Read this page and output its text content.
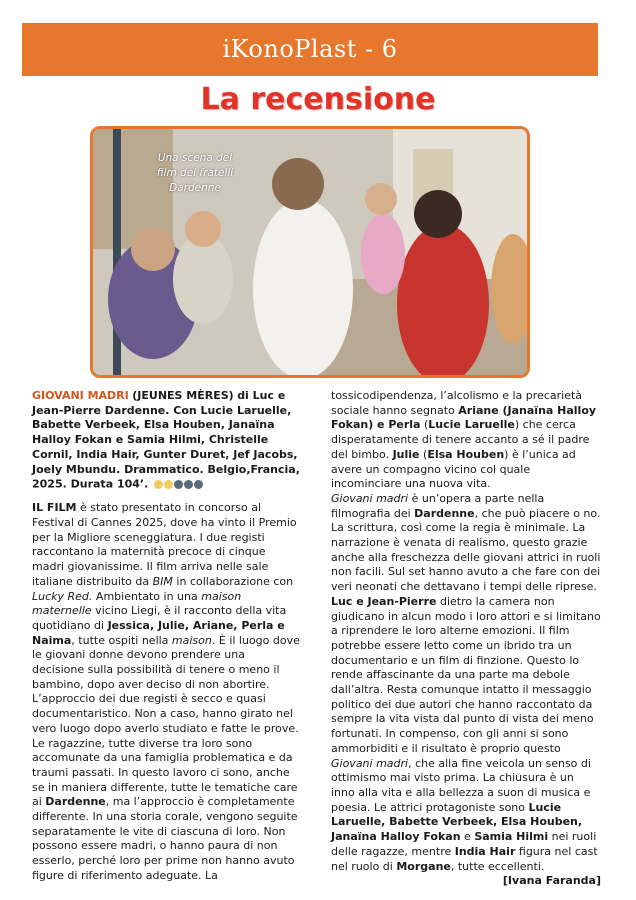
iKonoPlast - 6
La recensione
Una scena del film dei fratelli Dardenne

GIOVANI MADRI (JEUNES MÈRES) di Luc e Jean-Pierre Dardenne. Con Lucie Laruelle, Babette Verbeek, Elsa Houben, Janaïna Halloy Fokan e Samia Hilmi, Christelle Cornil, India Hair, Gunter Duret, Jef Jacobs, Joely Mbundu. Drammatico. Belgio,Francia, 2025. Durata 104’.

IL FILM è stato presentato in concorso al Festival di Cannes 2025, dove ha vinto il Premio per la Migliore sceneggiatura. I due registi raccontano la maternità precoce di cinque madri giovanissime. Il film arriva nelle sale italiane distribuito da BIM in collaborazione con Lucky Red. Ambientato in una maison maternelle vicino Liegi, è il racconto della vita quotidiano di Jessica, Julie, Ariane, Perla e Naima, tutte ospiti nella maison. È il luogo dove le giovani donne devono prendere una decisione sulla possibilità di tenere o meno il bambino, dopo aver deciso di non abortire.

L’approccio dei due registi è secco e quasi documentaristico. Non a caso, hanno girato nel vero luogo dopo averlo studiato e fatte le prove. Le ragazzine, tutte diverse tra loro sono accomunate da una famiglia problematica e da traumi passati. In questo lavoro ci sono, anche se in maniera differente, tutte le tematiche care ai Dardenne, ma l’approccio è completamente differente. In una storia corale, vengono seguite separatamente le vite di ciascuna di loro. Non possono essere madri, o hanno paura di non esserlo, perché loro per prime non hanno avuto figure di riferimento adeguate. La

tossicodipendenza, l’alcolismo e la precarietà sociale hanno segnato Ariane (Janaïna Halloy Fokan) e Perla (Lucie Laruelle) che cerca disperatamente di tenere accanto a sé il padre del bimbo. Julie (Elsa Houben) è l’unica ad avere un compagno vicino col quale incominciare una nuova vita.

Giovani madri è un’opera a parte nella filmografia dei Dardenne, che può piacere o no. La scrittura, così come la regia è minimale. La narrazione è venata di realismo, questo grazie anche alla freschezza delle giovani attrici in ruoli non facili. Sul set hanno avuto a che fare con dei veri neonati che dettavano i tempi delle riprese. Luc e Jean-Pierre dietro la camera non giudicano in alcun modo i loro attori e si limitano a riprendere le loro alterne emozioni. Il film potrebbe essere letto come un ibrido tra un documentario e un film di finzione. Questo lo rende affascinante da una parte ma debole dall’altra. Resta comunque intatto il messaggio politico dei due autori che hanno raccontato da sempre la vita vista dal punto di vista dei meno fortunati. In compenso, con gli anni si sono ammorbiditi e il risultato è proprio questo Giovani madri, che alla fine veicola un senso di ottimismo mai visto prima. La chiusura è un inno alla vita e alla bellezza a suon di musica e poesia. Le attrici protagoniste sono Lucie Laruelle, Babette Verbeek, Elsa Houben, Janaïna Halloy Fokan e Samia Hilmi nei ruoli delle ragazze, mentre India Hair figura nel cast nel ruolo di Morgane, tutte eccellenti.

[Ivana Faranda]
